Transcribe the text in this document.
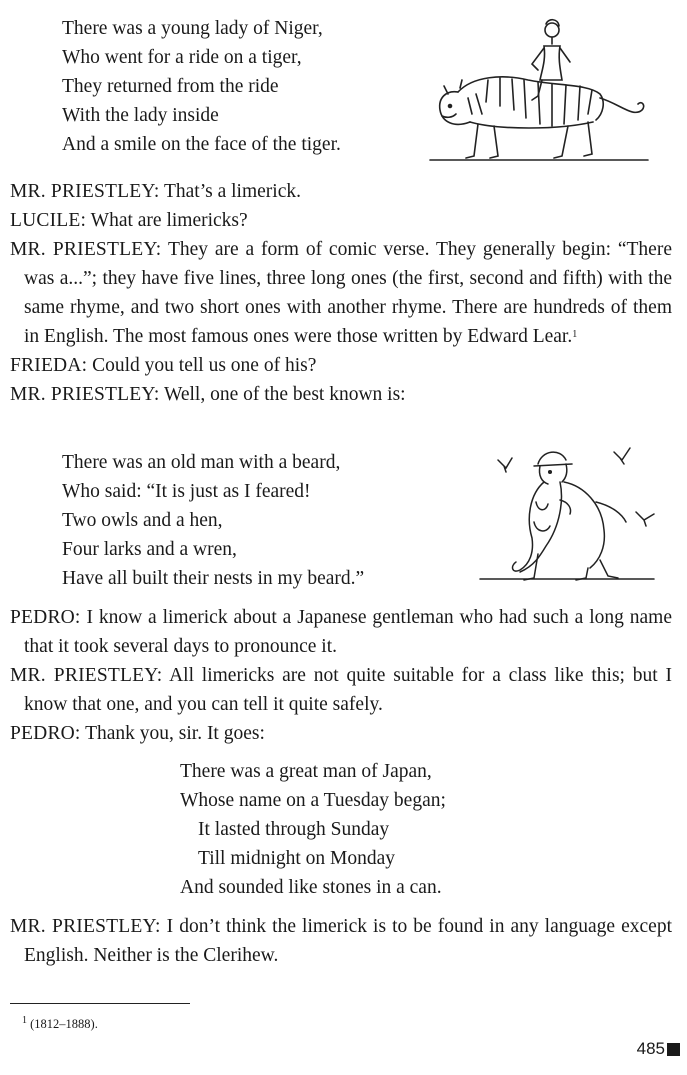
There was a young lady of Niger,
Who went for a ride on a tiger,
They returned from the ride
With the lady inside
And a smile on the face of the tiger.
MR. PRIESTLEY: That’s a limerick.
LUCILE: What are limericks?
MR. PRIESTLEY: They are a form of comic verse. They generally begin: “There was a...”; they have five lines, three long ones (the first, second and fifth) with the same rhyme, and two short ones with another rhyme. There are hundreds of them in English. The most famous ones were those written by Edward Lear.$^1$
FRIEDA: Could you tell us one of his?
MR. PRIESTLEY: Well, one of the best known is:
There was an old man with a beard,
Who said: “It is just as I feared!
Two owls and a hen,
Four larks and a wren,
Have all built their nests in my beard.”
PEDRO: I know a limerick about a Japanese gentleman who had such a long name that it took several days to pronounce it.
MR. PRIESTLEY: All limericks are not quite suitable for a class like this; but I know that one, and you can tell it quite safely.
PEDRO: Thank you, sir. It goes:
There was a great man of Japan,
Whose name on a Tuesday began;
It lasted through Sunday
Till midnight on Monday
And sounded like stones in a can.
MR. PRIESTLEY: I don’t think the limerick is to be found in any language except English. Neither is the Clerihew.
$^1$ (1812–1888).
485
